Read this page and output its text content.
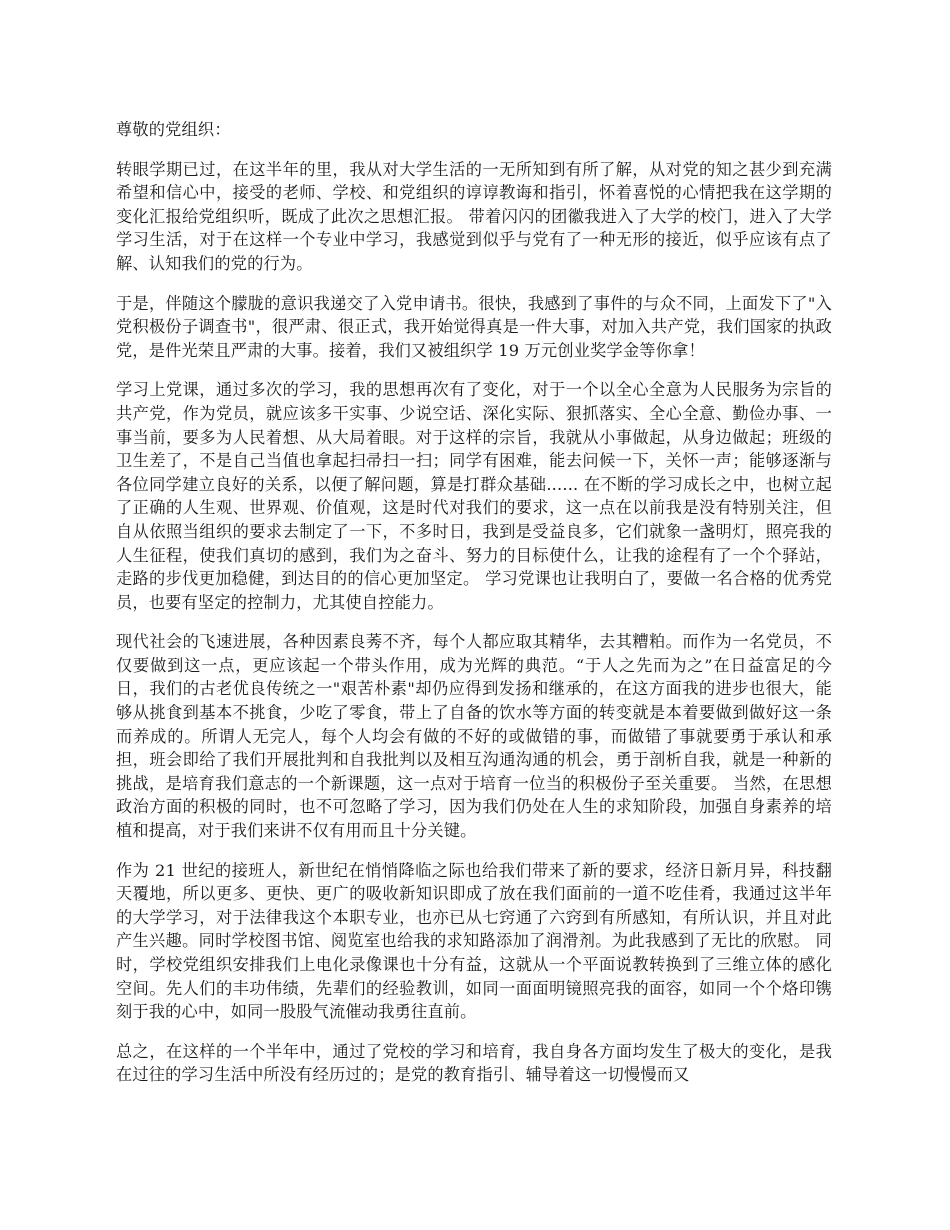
尊敬的党组织：

转眼学期已过，在这半年的里，我从对大学生活的一无所知到有所了解，从对党的知之甚少到充满希望和信心中，接受的老师、学校、和党组织的谆谆教诲和指引，怀着喜悦的心情把我在这学期的变化汇报给党组织听，既成了此次之思想汇报。 带着闪闪的团徽我进入了大学的校门，进入了大学学习生活，对于在这样一个专业中学习，我感觉到似乎与党有了一种无形的接近，似乎应该有点了解、认知我们的党的行为。

于是，伴随这个朦胧的意识我递交了入党申请书。很快，我感到了事件的与众不同，上面发下了"入党积极份子调查书"，很严肃、很正式，我开始觉得真是一件大事，对加入共产党，我们国家的执政党，是件光荣且严肃的大事。接着，我们又被组织学 19 万元创业奖学金等你拿！

学习上党课，通过多次的学习，我的思想再次有了变化，对于一个以全心全意为人民服务为宗旨的共产党，作为党员，就应该多干实事、少说空话、深化实际、狠抓落实、全心全意、勤俭办事、一事当前，要多为人民着想、从大局着眼。对于这样的宗旨，我就从小事做起，从身边做起；班级的卫生差了，不是自己当值也拿起扫帚扫一扫；同学有困难，能去问候一下，关怀一声；能够逐渐与各位同学建立良好的关系，以便了解问题，算是打群众基础...... 在不断的学习成长之中，也树立起了正确的人生观、世界观、价值观，这是时代对我们的要求，这一点在以前我是没有特别关注，但自从依照当组织的要求去制定了一下，不多时日，我到是受益良多，它们就象一盏明灯，照亮我的人生征程，使我们真切的感到，我们为之奋斗、努力的目标使什么，让我的途程有了一个个驿站，走路的步伐更加稳健，到达目的的信心更加坚定。 学习党课也让我明白了，要做一名合格的优秀党员，也要有坚定的控制力，尤其使自控能力。

现代社会的飞速进展，各种因素良莠不齐，每个人都应取其精华，去其糟粕。而作为一名党员，不仅要做到这一点，更应该起一个带头作用，成为光辉的典范。“于人之先而为之”在日益富足的今日，我们的古老优良传统之一"艰苦朴素"却仍应得到发扬和继承的，在这方面我的进步也很大，能够从挑食到基本不挑食，少吃了零食，带上了自备的饮水等方面的转变就是本着要做到做好这一条而养成的。所谓人无完人，每个人均会有做的不好的或做错的事，而做错了事就要勇于承认和承担，班会即给了我们开展批判和自我批判以及相互沟通沟通的机会，勇于剖析自我，就是一种新的挑战，是培育我们意志的一个新课题，这一点对于培育一位当的积极份子至关重要。 当然，在思想政治方面的积极的同时，也不可忽略了学习，因为我们仍处在人生的求知阶段，加强自身素养的培植和提高，对于我们来讲不仅有用而且十分关键。

作为 21 世纪的接班人，新世纪在悄悄降临之际也给我们带来了新的要求，经济日新月异，科技翻天覆地，所以更多、更快、更广的吸收新知识即成了放在我们面前的一道不吃佳肴，我通过这半年的大学学习，对于法律我这个本职专业，也亦已从七窍通了六窍到有所感知，有所认识，并且对此产生兴趣。同时学校图书馆、阅览室也给我的求知路添加了润滑剂。为此我感到了无比的欣慰。 同时，学校党组织安排我们上电化录像课也十分有益，这就从一个平面说教转换到了三维立体的感化空间。先人们的丰功伟绩，先辈们的经验教训，如同一面面明镜照亮我的面容，如同一个个烙印镌刻于我的心中，如同一股股气流催动我勇往直前。

总之，在这样的一个半年中，通过了党校的学习和培育，我自身各方面均发生了极大的变化，是我在过往的学习生活中所没有经历过的；是党的教育指引、辅导着这一切慢慢而又
